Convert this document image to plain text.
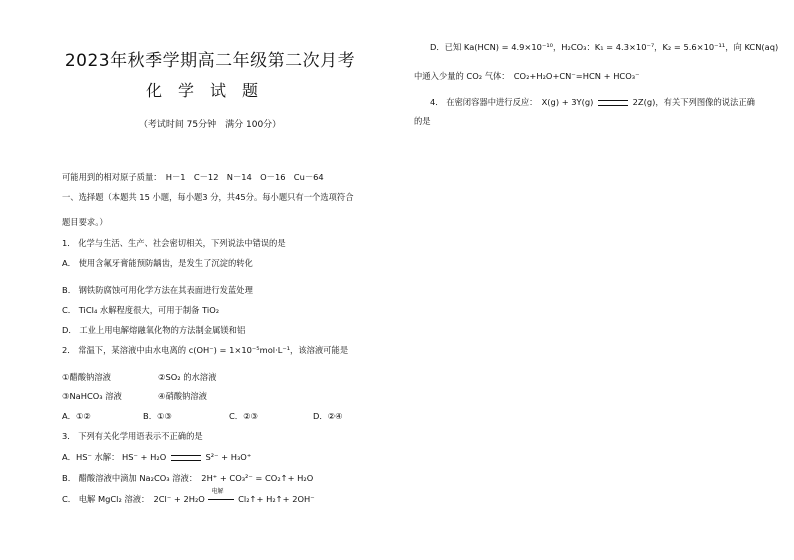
2023年秋季学期高二年级第二次月考
化学试题
（考试时间 75分钟　满分 100分）
可能用到的相对原子质量：　H－1　C－12　N－14　O－16　Cu－64
一、选择题（本题共 15 小题，每小题3 分，共45分。每小题只有一个选项符合
题目要求。）
1． 化学与生活、生产、社会密切相关，下列说法中错误的是
A． 使用含氟牙膏能预防龋齿，是发生了沉淀的转化
B． 钢铁防腐蚀可用化学方法在其表面进行发蓝处理
C． TiCl₄ 水解程度很大，可用于制备 TiO₂
D． 工业上用电解熔融氧化物的方法制金属镁和铝
2． 常温下，某溶液中由水电离的 c(OH⁻) = 1×10⁻⁵mol·L⁻¹，该溶液可能是
①醋酸钠溶液	②SO₂ 的水溶液
③NaHCO₃ 溶液	④硝酸钠溶液
A．①②	B．①③	C．②③	D．②④
3． 下列有关化学用语表示不正确的是
A．HS⁻ 水解： HS⁻ + H₂O	S²⁻ + H₃O⁺
B． 醋酸溶液中滴加 Na₂CO₃ 溶液：　2H⁺ + CO₃²⁻ = CO₂↑+ H₂O
C． 电解 MgCl₂ 溶液：　2Cl⁻ + 2H₂O
电解
Cl₂↑+ H₂↑+ 2OH⁻
D．已知 Ka(HCN) = 4.9×10⁻¹⁰，H₂CO₃：K₁ = 4.3×10⁻⁷，K₂ = 5.6×10⁻¹¹，向 KCN(aq)
中通入少量的 CO₂ 气体：　CO₂+H₂O+CN⁻=HCN + HCO₃⁻
4． 在密闭容器中进行反应：　X(g) + 3Y(g)	2Z(g)，有关下列图像的说法正确
的是
